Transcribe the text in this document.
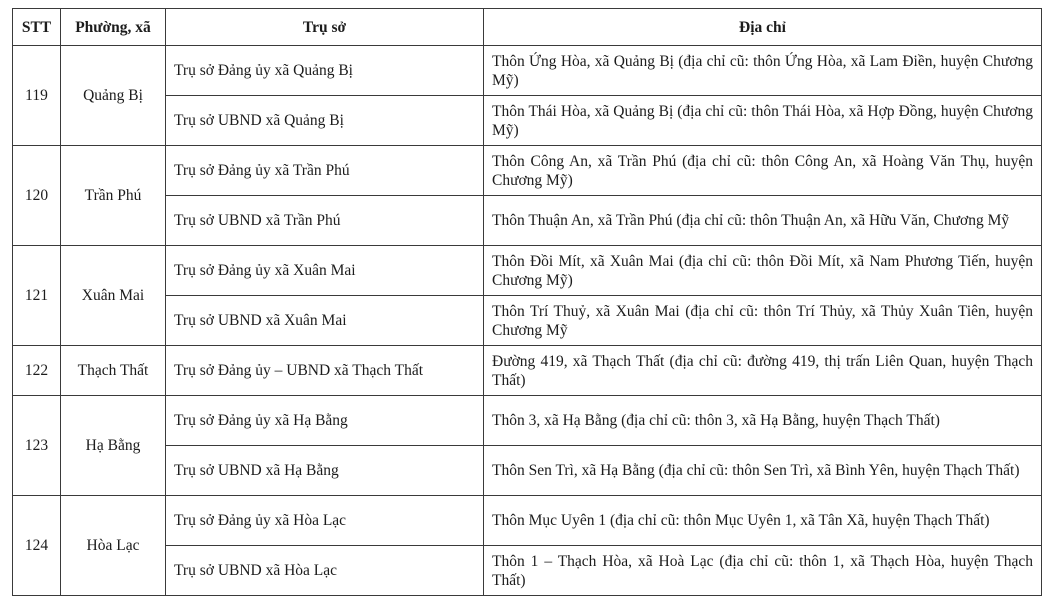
STT	Phường, xã	Trụ sở	Địa chỉ
119	Quảng Bị	Trụ sở Đảng ủy xã Quảng Bị	Thôn Ứng Hòa, xã Quảng Bị (địa chỉ cũ: thôn Ứng Hòa, xã Lam Điền, huyện Chương Mỹ)
		Trụ sở UBND xã Quảng Bị	Thôn Thái Hòa, xã Quảng Bị (địa chỉ cũ: thôn Thái Hòa, xã Hợp Đồng, huyện Chương Mỹ)
120	Trần Phú	Trụ sở Đảng ủy xã Trần Phú	Thôn Công An, xã Trần Phú (địa chỉ cũ: thôn Công An, xã Hoàng Văn Thụ, huyện Chương Mỹ)
		Trụ sở UBND xã Trần Phú	Thôn Thuận An, xã Trần Phú (địa chỉ cũ: thôn Thuận An, xã Hữu Văn, Chương Mỹ
121	Xuân Mai	Trụ sở Đảng ủy xã Xuân Mai	Thôn Đồi Mít, xã Xuân Mai (địa chỉ cũ: thôn Đồi Mít, xã Nam Phương Tiến, huyện Chương Mỹ)
		Trụ sở UBND xã Xuân Mai	Thôn Trí Thuỷ, xã Xuân Mai (địa chỉ cũ: thôn Trí Thủy, xã Thủy Xuân Tiên, huyện Chương Mỹ
122	Thạch Thất	Trụ sở Đảng ủy – UBND xã Thạch Thất	Đường 419, xã Thạch Thất (địa chỉ cũ: đường 419, thị trấn Liên Quan, huyện Thạch Thất)
123	Hạ Bằng	Trụ sở Đảng ủy xã Hạ Bằng	Thôn 3, xã Hạ Bằng (địa chỉ cũ: thôn 3, xã Hạ Bằng, huyện Thạch Thất)
		Trụ sở UBND xã Hạ Bằng	Thôn Sen Trì, xã Hạ Bằng (địa chỉ cũ: thôn Sen Trì, xã Bình Yên, huyện Thạch Thất)
124	Hòa Lạc	Trụ sở Đảng ủy xã Hòa Lạc	Thôn Mục Uyên 1 (địa chỉ cũ: thôn Mục Uyên 1, xã Tân Xã, huyện Thạch Thất)
		Trụ sở UBND xã Hòa Lạc	Thôn 1 – Thạch Hòa, xã Hoà Lạc (địa chỉ cũ: thôn 1, xã Thạch Hòa, huyện Thạch Thất)
